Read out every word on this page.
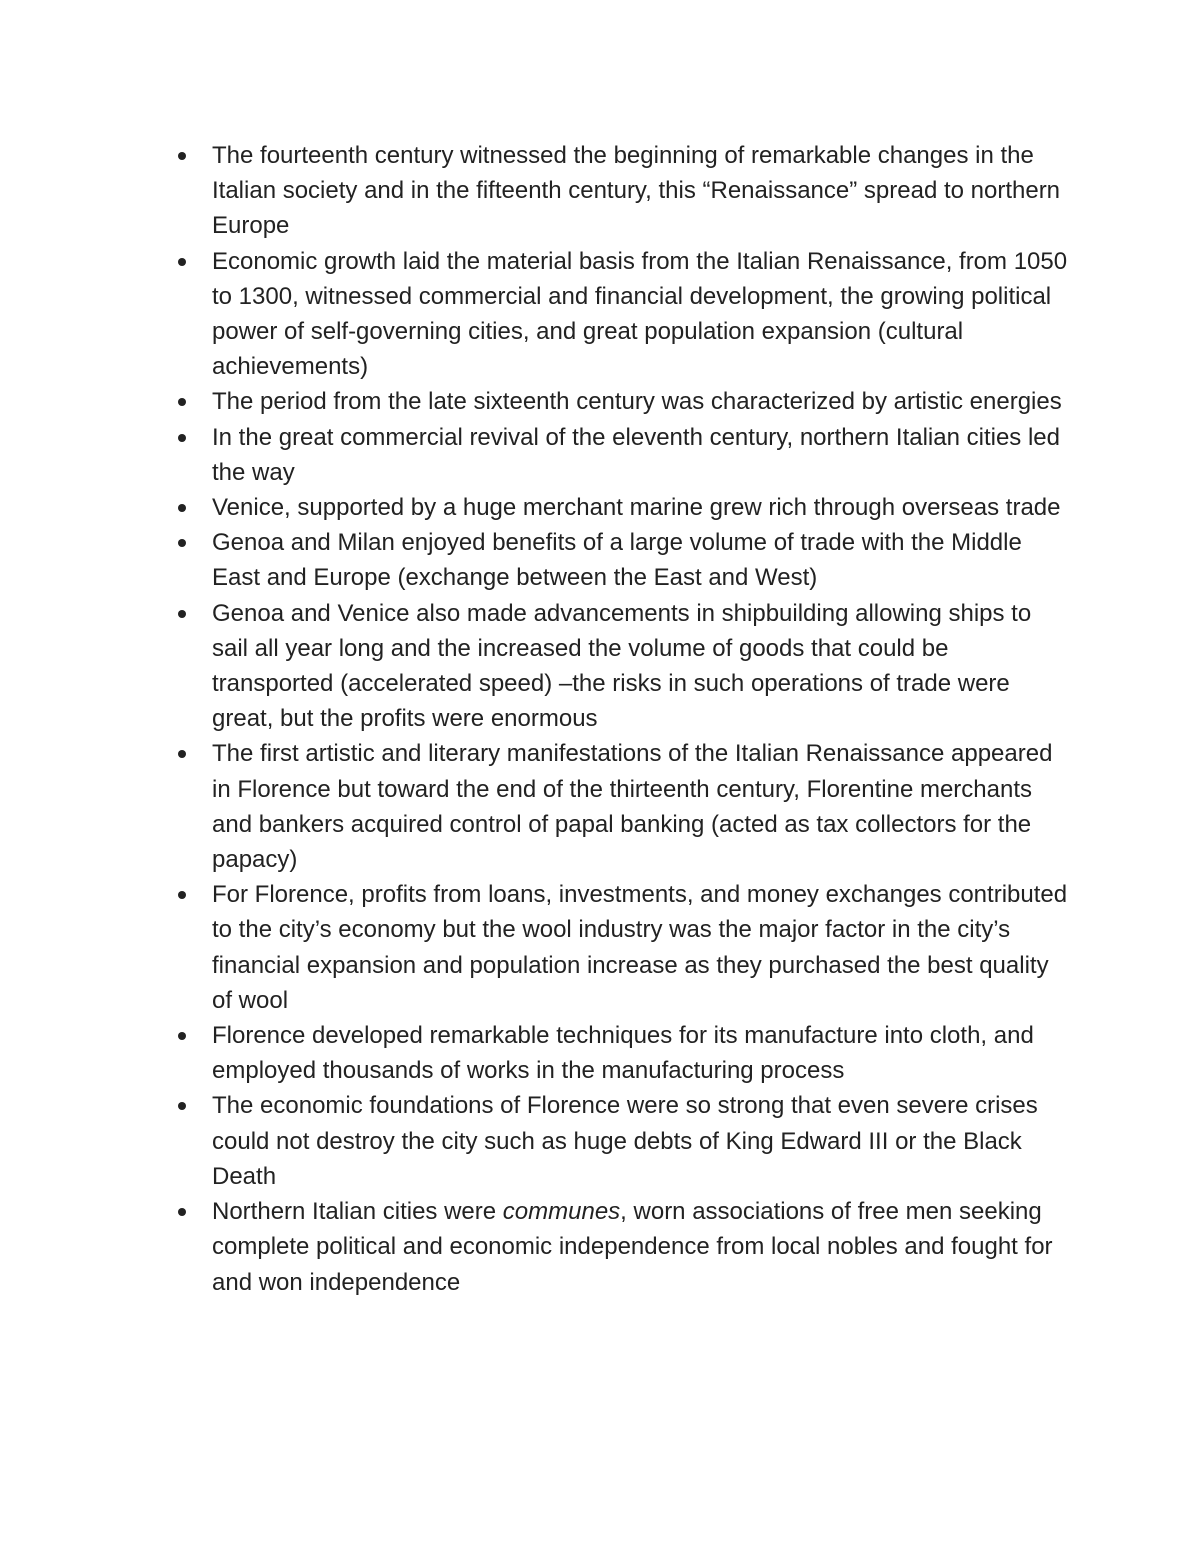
The fourteenth century witnessed the beginning of remarkable changes in the Italian society and in the fifteenth century, this “Renaissance” spread to northern Europe
Economic growth laid the material basis from the Italian Renaissance, from 1050 to 1300, witnessed commercial and financial development, the growing political power of self-governing cities, and great population expansion (cultural achievements)
The period from the late sixteenth century was characterized by artistic energies
In the great commercial revival of the eleventh century, northern Italian cities led the way
Venice, supported by a huge merchant marine grew rich through overseas trade
Genoa and Milan enjoyed benefits of a large volume of trade with the Middle East and Europe (exchange between the East and West)
Genoa and Venice also made advancements in shipbuilding allowing ships to sail all year long and the increased the volume of goods that could be transported (accelerated speed) –the risks in such operations of trade were great, but the profits were enormous
The first artistic and literary manifestations of the Italian Renaissance appeared in Florence but toward the end of the thirteenth century, Florentine merchants and bankers acquired control of papal banking (acted as tax collectors for the papacy)
For Florence, profits from loans, investments, and money exchanges contributed to the city’s economy but the wool industry was the major factor in the city’s financial expansion and population increase as they purchased the best quality of wool
Florence developed remarkable techniques for its manufacture into cloth, and employed thousands of works in the manufacturing process
The economic foundations of Florence were so strong that even severe crises could not destroy the city such as huge debts of King Edward III or the Black Death
Northern Italian cities were communes, worn associations of free men seeking complete political and economic independence from local nobles and fought for and won independence
